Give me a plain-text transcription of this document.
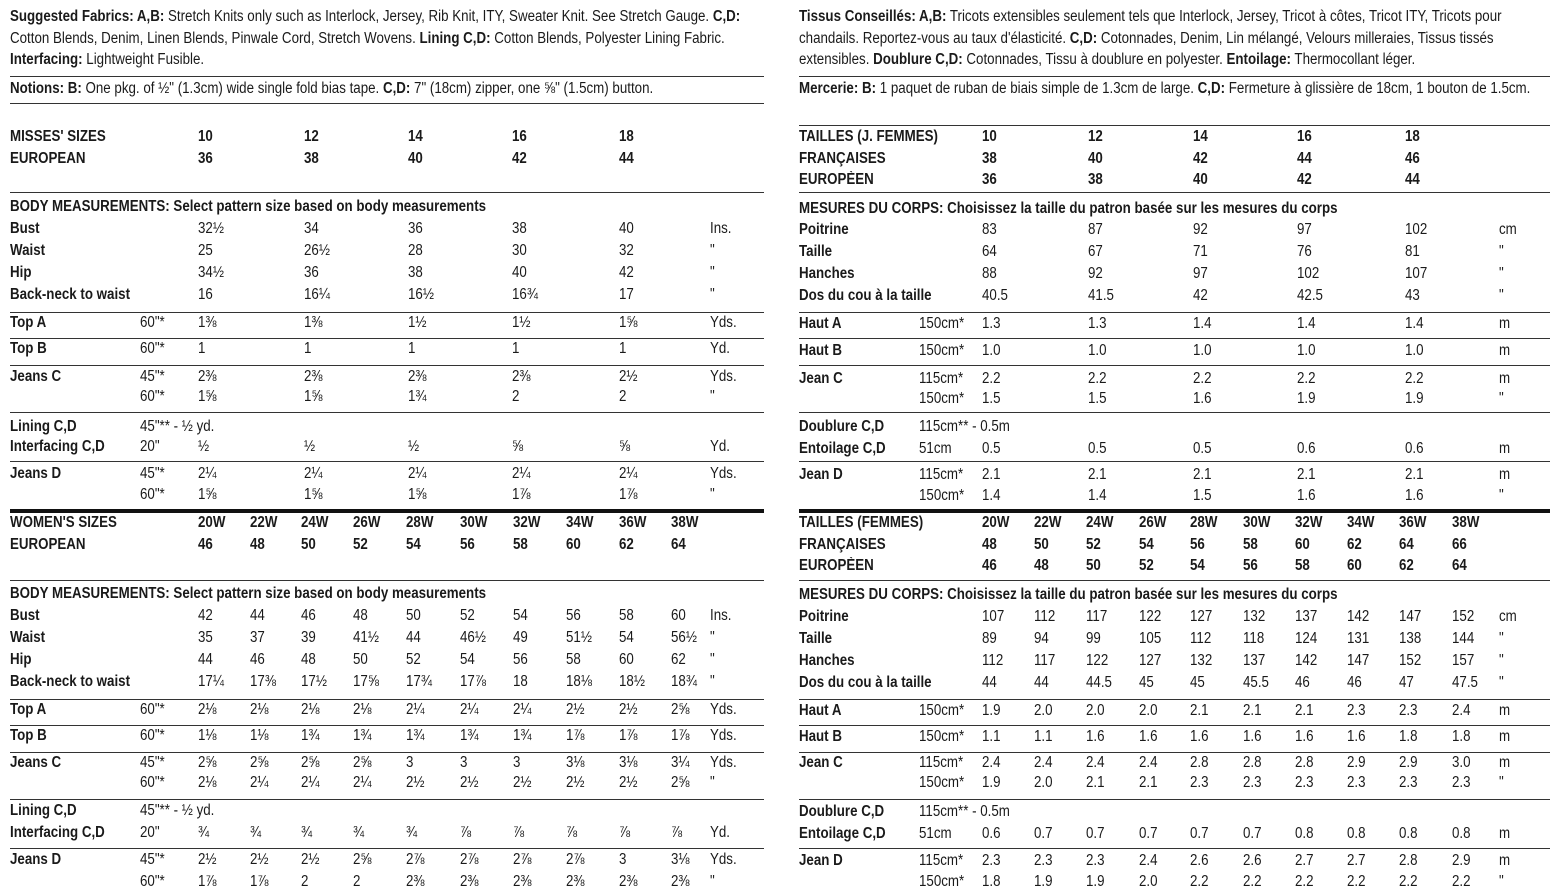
Suggested Fabrics: A,B: Stretch Knits only such as Interlock, Jersey, Rib Knit, ITY, Sweater Knit. See Stretch Gauge. C,D: Cotton Blends, Denim, Linen Blends, Pinwale Cord, Stretch Wovens. Lining C,D: Cotton Blends, Polyester Lining Fabric. Interfacing: Lightweight Fusible.
Notions: B: One pkg. of ½" (1.3cm) wide single fold bias tape. C,D: 7" (18cm) zipper, one ⅝" (1.5cm) button.
MISSES' SIZES	10	12	14	16	18
EUROPEAN	36	38	40	42	44
BODY MEASUREMENTS: Select pattern size based on body measurements
Bust	32½	34	36	38	40	Ins.
Waist	25	26½	28	30	32	"
Hip	34½	36	38	40	42	"
Back-neck to waist	16	16¼	16½	16¾	17	"
Top A	60"* 1⅜	1⅜	1½	1½	1⅝	Yds.
Top B	60"* 1	1	1	1	1	Yd.
Jeans C	45"* 2⅜	2⅜	2⅜	2⅜	2½	Yds.
60"* 1⅝	1⅝	1¾	2	2	"
Lining C,D	45"** - ½ yd.
Interfacing C,D 20" ½	½	½	⅝	⅝	Yd.
Jeans D	45"* 2¼	2¼	2¼	2¼	2¼	Yds.
60"* 1⅝	1⅝	1⅝	1⅞	1⅞	"
WOMEN'S SIZES	20W 22W 24W 26W 28W 30W 32W 34W 36W 38W
EUROPEAN	46 48 50 52 54	56 58 60 62 64
BODY MEASUREMENTS: Select pattern size based on body measurements
Bust	42 44 46 48 50	52 54 56 58 60 Ins.
Waist	35 37 39 41½ 44	46½ 49 51½ 54 56½ "
Hip	44 46 48 50 52	54 56 58 60 62 "
Back-neck to waist	17¼ 17⅜ 17½ 17⅝ 17¾ 17⅞ 18 18⅛ 18½ 18¾ "
Top A	60"* 2⅛ 2⅛ 2⅛ 2⅛ 2¼ 2¼ 2¼ 2½ 2½ 2⅝ Yds.
Top B	60"* 1⅛ 1⅛ 1¾ 1¾ 1¾ 1¾ 1¾ 1⅞ 1⅞ 1⅞ Yds.
Jeans C	45"* 2⅝ 2⅝ 2⅝ 2⅝ 3	3	3	3⅛ 3⅛ 3¼ Yds.
60"* 2⅛ 2¼ 2¼ 2¼ 2½ 2½ 2½ 2½ 2½ 2⅝ "
Lining C,D	45"** - ½ yd.
Interfacing C,D 20" ¾	¾	¾	¾	¾	⅞	⅞	⅞	⅞	⅞ Yd.
Jeans D	45"* 2½ 2½ 2½ 2⅝ 2⅞ 2⅞ 2⅞ 2⅞ 3	3⅛ Yds.
60"* 1⅞ 1⅞ 2	2	2⅜ 2⅜ 2⅜ 2⅜ 2⅜ 2⅜ "
Tissus Conseillés: A,B: Tricots extensibles seulement tels que Interlock, Jersey, Tricot à côtes, Tricot ITY, Tricots pour chandails. Reportez-vous au taux d'élasticité. C,D: Cotonnades, Denim, Lin mélangé, Velours milleraies, Tissus tissés extensibles. Doublure C,D: Cotonnades, Tissu à doublure en polyester. Entoilage: Thermocollant léger.
Mercerie: B: 1 paquet de ruban de biais simple de 1.3cm de large. C,D: Fermeture à glissière de 18cm, 1 bouton de 1.5cm.
TAILLES (J. FEMMES)	10	12	14	16	18
FRANÇAISES	38	40	42	44	46
EUROPÈEN	36	38	40	42	44
MESURES DU CORPS: Choisissez la taille du patron basée sur les mesures du corps
Poitrine	83	87	92	97	102	cm
Taille	64	67	71	76	81	"
Hanches	88	92	97	102	107	"
Dos du cou à la taille	40.5	41.5	42	42.5	43	"
Haut A	150cm* 1.3	1.3	1.4	1.4	1.4	m
Haut B	150cm* 1.0	1.0	1.0	1.0	1.0	m
Jean C	115cm* 2.2	2.2	2.2	2.2	2.2	m
150cm* 1.5	1.5	1.6	1.9	1.9	"
Doublure C,D 115cm** - 0.5m
Entoilage C,D 51cm 0.5	0.5	0.5	0.6	0.6	m
Jean D	115cm* 2.1	2.1	2.1	2.1	2.1	m
150cm* 1.4	1.4	1.5	1.6	1.6	"
TAILLES (FEMMES)	20W 22W 24W 26W 28W 30W 32W 34W 36W 38W
FRANÇAISES	48 50 52 54 56 58 60 62 64 66
EUROPÈEN	46 48 50 52 54 56 58 60 62 64
MESURES DU CORPS: Choisissez la taille du patron basée sur les mesures du corps
Poitrine	107 112 117 122 127 132 137 142 147 152 cm
Taille	89 94 99 105 112 118 124 131 138 144 "
Hanches	112 117 122 127 132 137 142 147 152 157 "
Dos du cou à la taille	44 44 44.5 45 45 45.5 46 46 47 47.5 "
Haut A	150cm* 1.9 2.0 2.0 2.0 2.1 2.1 2.1 2.3 2.3 2.4 m
Haut B	150cm* 1.1 1.1 1.6 1.6 1.6 1.6 1.6 1.6 1.8 1.8 m
Jean C	115cm* 2.4 2.4 2.4 2.4 2.8 2.8 2.8 2.9 2.9 3.0 m
150cm* 1.9 2.0 2.1 2.1 2.3 2.3 2.3 2.3 2.3 2.3 "
Doublure C,D 115cm** - 0.5m
Entoilage C,D 51cm 0.6 0.7 0.7 0.7 0.7 0.7 0.8 0.8 0.8 0.8 m
Jean D	115cm* 2.3 2.3 2.3 2.4 2.6 2.6 2.7 2.7 2.8 2.9 m
150cm* 1.8 1.9 1.9 2.0 2.2 2.2 2.2 2.2 2.2 2.2 "
